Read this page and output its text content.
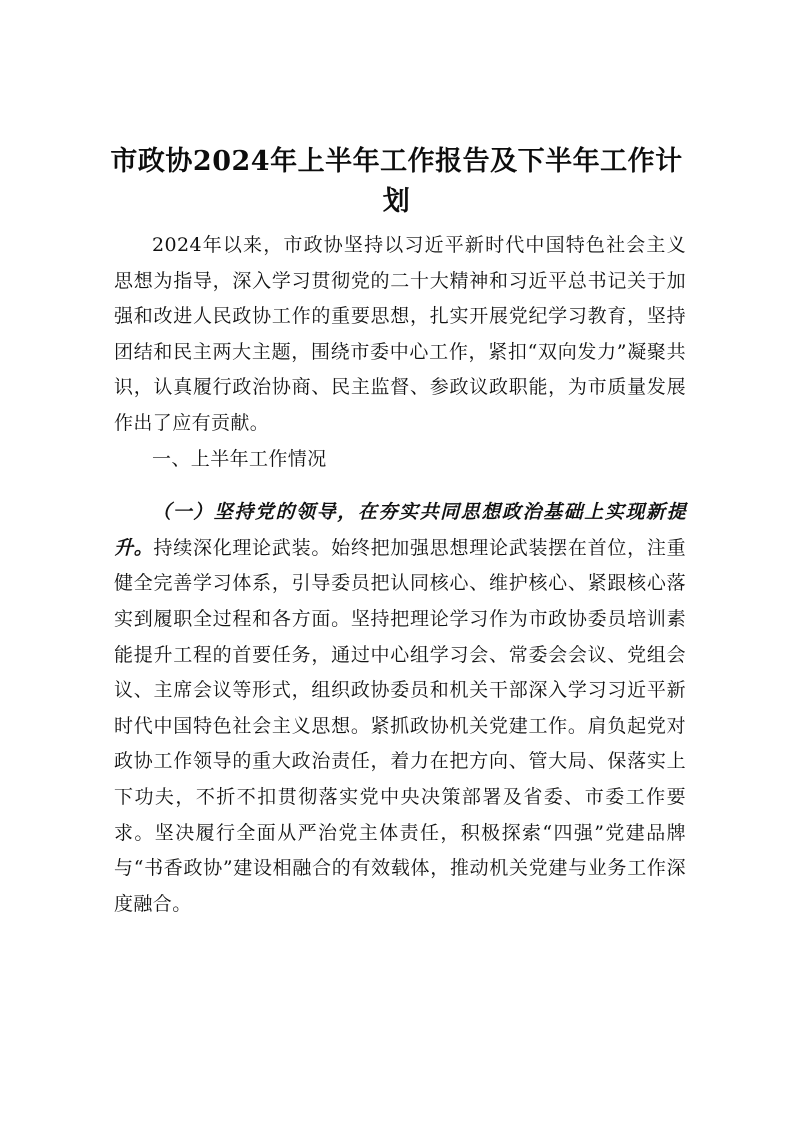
市政协2024年上半年工作报告及下半年工作计划

2024年以来，市政协坚持以习近平新时代中国特色社会主义思想为指导，深入学习贯彻党的二十大精神和习近平总书记关于加强和改进人民政协工作的重要思想，扎实开展党纪学习教育，坚持团结和民主两大主题，围绕市委中心工作，紧扣“双向发力”凝聚共识，认真履行政治协商、民主监督、参政议政职能，为市质量发展作出了应有贡献。

一、上半年工作情况

（一）坚持党的领导，在夯实共同思想政治基础上实现新提升。持续深化理论武装。始终把加强思想理论武装摆在首位，注重健全完善学习体系，引导委员把认同核心、维护核心、紧跟核心落实到履职全过程和各方面。坚持把理论学习作为市政协委员培训素能提升工程的首要任务，通过中心组学习会、常委会会议、党组会议、主席会议等形式，组织政协委员和机关干部深入学习习近平新时代中国特色社会主义思想。紧抓政协机关党建工作。肩负起党对政协工作领导的重大政治责任，着力在把方向、管大局、保落实上下功夫，不折不扣贯彻落实党中央决策部署及省委、市委工作要求。坚决履行全面从严治党主体责任，积极探索“四强”党建品牌与“书香政协”建设相融合的有效载体，推动机关党建与业务工作深度融合。
